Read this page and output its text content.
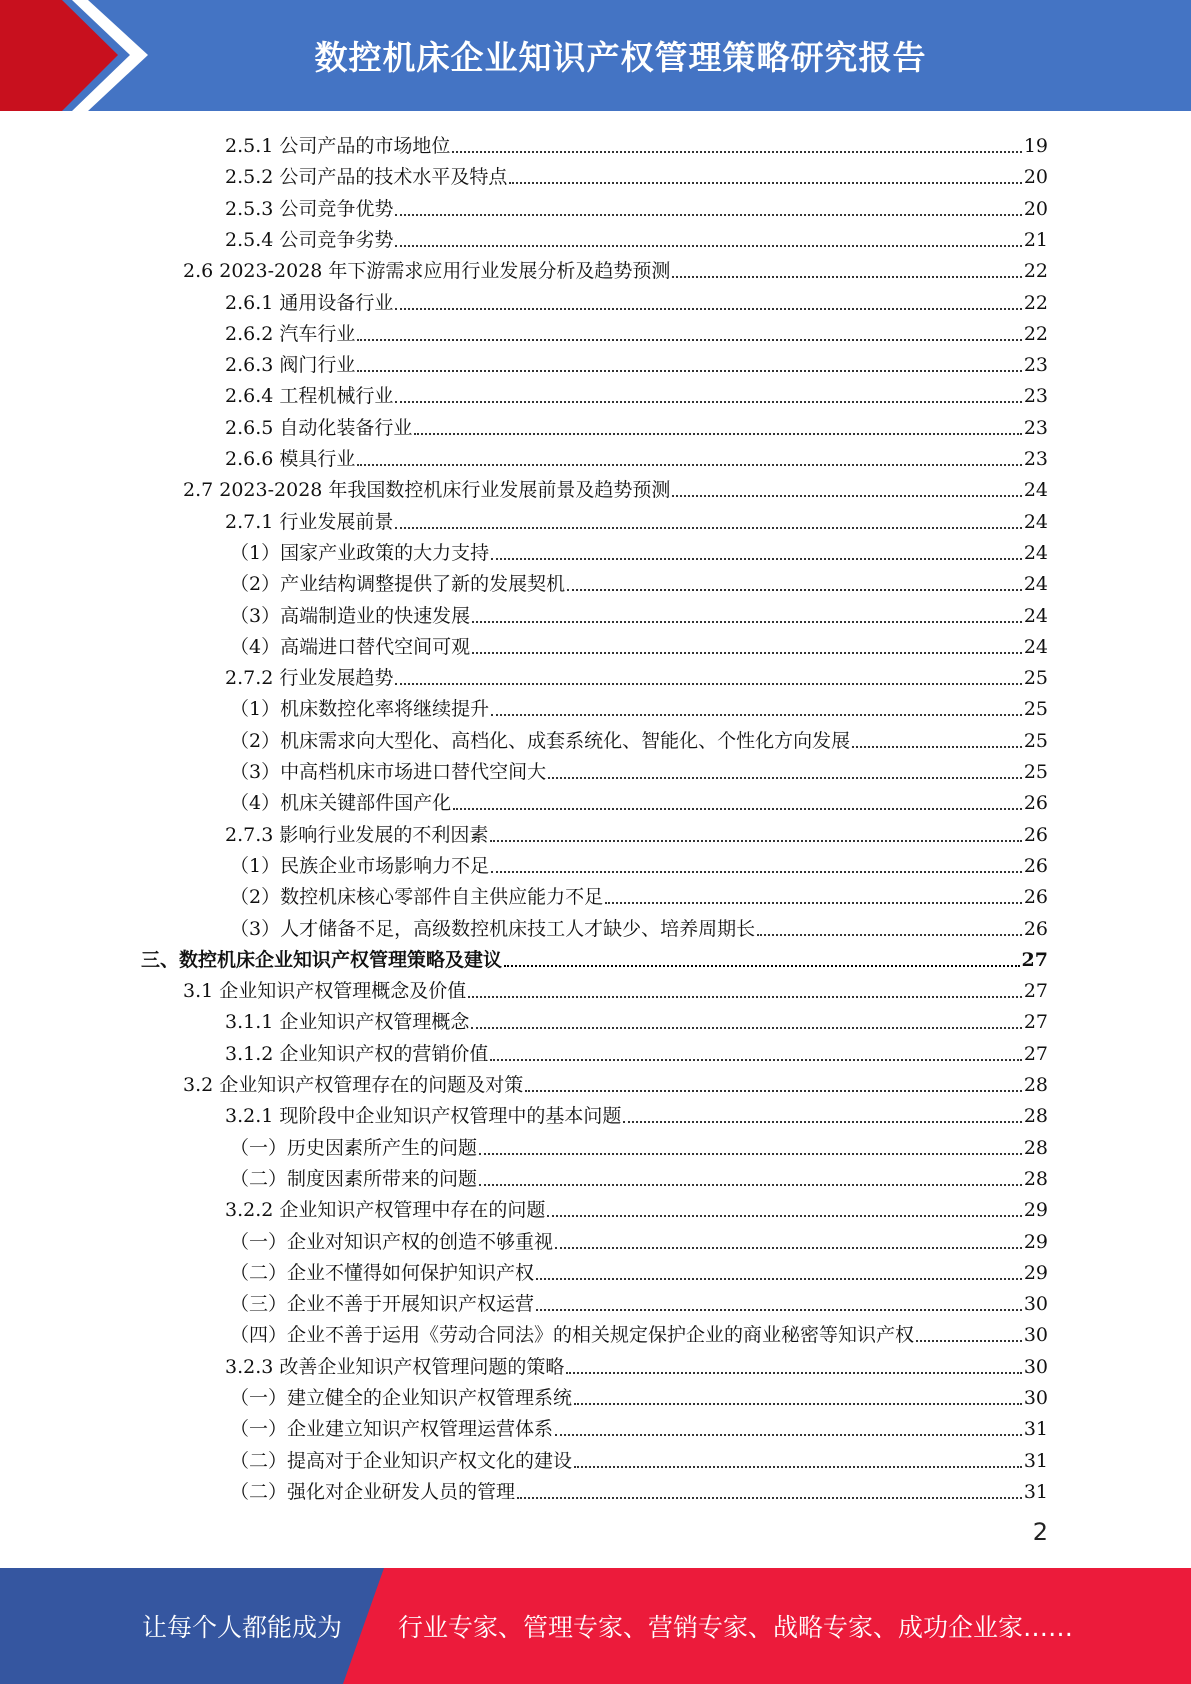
数控机床企业知识产权管理策略研究报告
2.5.1 公司产品的市场地位	19
2.5.2 公司产品的技术水平及特点	20
2.5.3 公司竞争优势	20
2.5.4 公司竞争劣势	21
2.6 2023-2028 年下游需求应用行业发展分析及趋势预测	22
2.6.1 通用设备行业	22
2.6.2 汽车行业	22
2.6.3 阀门行业	23
2.6.4 工程机械行业	23
2.6.5 自动化装备行业	23
2.6.6 模具行业	23
2.7 2023-2028 年我国数控机床行业发展前景及趋势预测	24
2.7.1 行业发展前景	24
（1）国家产业政策的大力支持	24
（2）产业结构调整提供了新的发展契机	24
（3）高端制造业的快速发展	24
（4）高端进口替代空间可观	24
2.7.2 行业发展趋势	25
（1）机床数控化率将继续提升	25
（2）机床需求向大型化、高档化、成套系统化、智能化、个性化方向发展	25
（3）中高档机床市场进口替代空间大	25
（4）机床关键部件国产化	26
2.7.3 影响行业发展的不利因素	26
（1）民族企业市场影响力不足	26
（2）数控机床核心零部件自主供应能力不足	26
（3）人才储备不足，高级数控机床技工人才缺少、培养周期长	26
三、数控机床企业知识产权管理策略及建议	27
3.1 企业知识产权管理概念及价值	27
3.1.1 企业知识产权管理概念	27
3.1.2 企业知识产权的营销价值	27
3.2 企业知识产权管理存在的问题及对策	28
3.2.1 现阶段中企业知识产权管理中的基本问题	28
（一）历史因素所产生的问题	28
（二）制度因素所带来的问题	28
3.2.2 企业知识产权管理中存在的问题	29
（一）企业对知识产权的创造不够重视	29
（二）企业不懂得如何保护知识产权	29
（三）企业不善于开展知识产权运营	30
（四）企业不善于运用《劳动合同法》的相关规定保护企业的商业秘密等知识产权	30
3.2.3 改善企业知识产权管理问题的策略	30
（一）建立健全的企业知识产权管理系统	30
（一）企业建立知识产权管理运营体系	31
（二）提高对于企业知识产权文化的建设	31
（二）强化对企业研发人员的管理	31
2
让每个人都能成为 行业专家、管理专家、营销专家、战略专家、成功企业家……
